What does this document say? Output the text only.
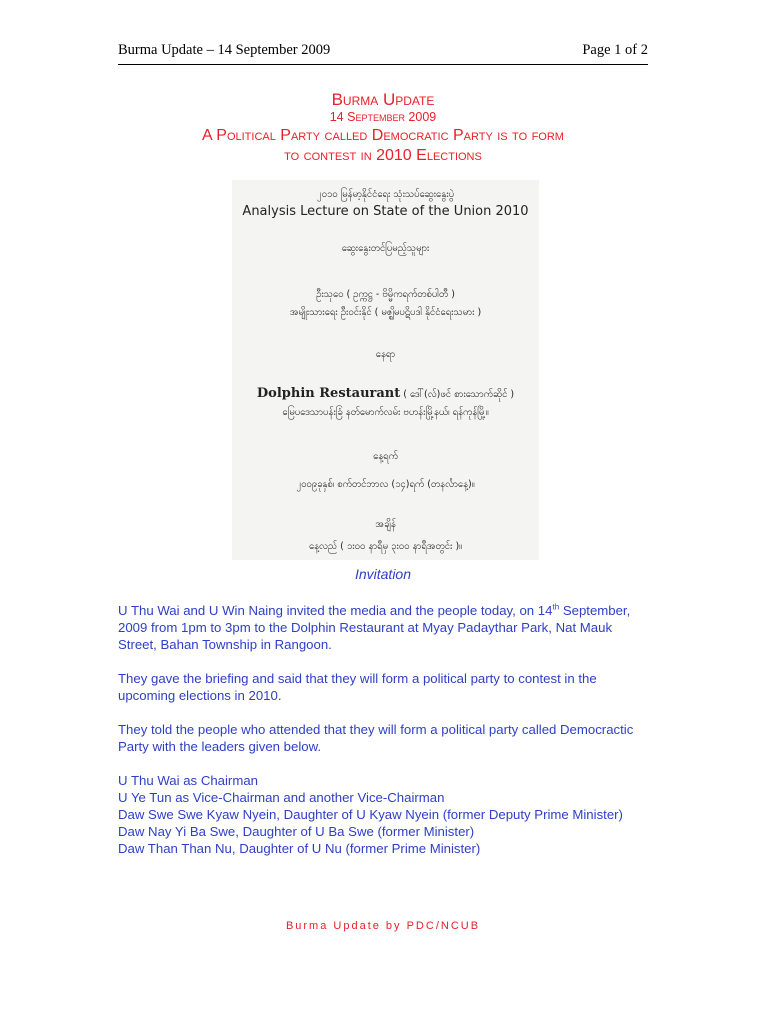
Burma Update – 14 September 2009	Page 1 of 2
Burma Update
14 September 2009
A Political Party called Democratic Party is to form
to contest in 2010 Elections
၂၀၁၀ မြန်မာ့နိုင်ငံရေး သုံးသပ်ဆွေးနွေးပွဲ
Analysis Lecture on State of the Union 2010
ဆွေးနွေးတင်ပြမည့်သူများ
ဦးသုဝေ ( ဥက္ကဋ္ဌ - ဗိမ္မိကရက်တစ်ပါတီ )
အမျိုးသားရေး ဦးဝင်းနိုင် ( မဇ္ဈိမပဋိပဒါ နိုင်ငံရေးသမား )
နေရာ
Dolphin Restaurant ( ဒေါ်(လ်)ဖင် စားသောက်ဆိုင် )
မြေပဒေသာပန်းခြံ နတ်မောက်လမ်း ဗဟန်းမြို့နယ်၊ ရန်ကုန်မြို့။
နေ့ရက်
၂၀၀၉ခုနှစ်၊ စက်တင်ဘာလ (၁၄)ရက် (တနင်္လာနေ့)။
အချိန်
နေ့လည် ( ၁း၀၀ နာရီမှ ၃း၀၀ နာရီအတွင်း )။
Invitation

U Thu Wai and U Win Naing invited the media and the people today, on 14th September, 2009 from 1pm to 3pm to the Dolphin Restaurant at Myay Padaythar Park, Nat Mauk Street, Bahan Township in Rangoon.

They gave the briefing and said that they will form a political party to contest in the upcoming elections in 2010.

They told the people who attended that they will form a political party called Democractic Party with the leaders given below.

U Thu Wai as Chairman
U Ye Tun as Vice-Chairman and another Vice-Chairman
Daw Swe Swe Kyaw Nyein, Daughter of U Kyaw Nyein (former Deputy Prime Minister)
Daw Nay Yi Ba Swe, Daughter of U Ba Swe (former Minister)
Daw Than Than Nu, Daughter of U Nu (former Prime Minister)
Burma Update by PDC/NCUB
